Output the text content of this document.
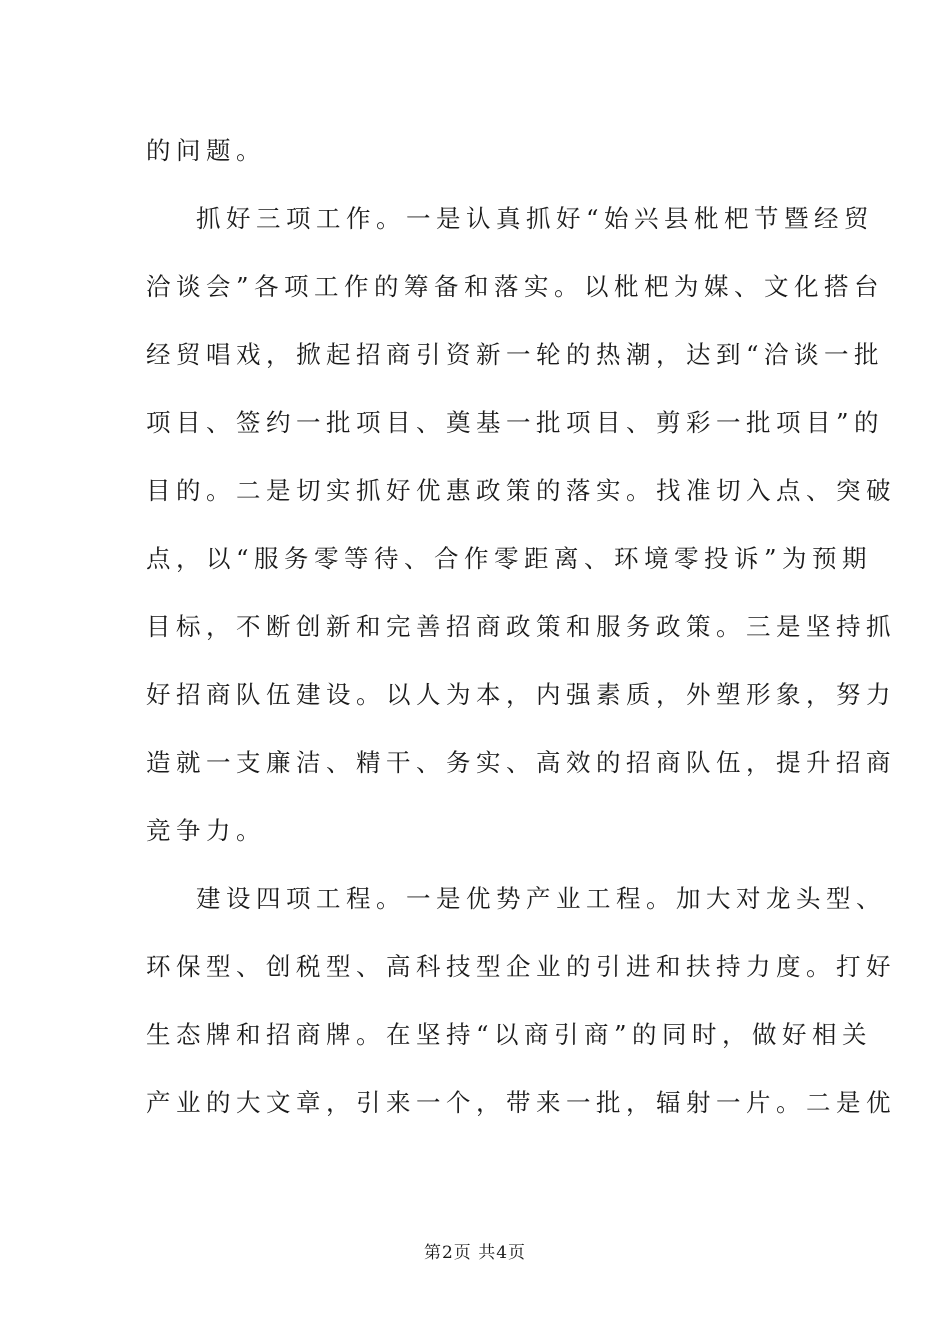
的问题。
抓好三项工作。一是认真抓好“始兴县枇杷节暨经贸
洽谈会”各项工作的筹备和落实。以枇杷为媒、文化搭台
经贸唱戏，掀起招商引资新一轮的热潮，达到“洽谈一批
项目、签约一批项目、奠基一批项目、剪彩一批项目”的
目的。二是切实抓好优惠政策的落实。找准切入点、突破
点，以“服务零等待、合作零距离、环境零投诉”为预期
目标，不断创新和完善招商政策和服务政策。三是坚持抓
好招商队伍建设。以人为本，内强素质，外塑形象，努力
造就一支廉洁、精干、务实、高效的招商队伍，提升招商
竞争力。
建设四项工程。一是优势产业工程。加大对龙头型、
环保型、创税型、高科技型企业的引进和扶持力度。打好
生态牌和招商牌。在坚持“以商引商”的同时，做好相关
产业的大文章，引来一个，带来一批，辐射一片。二是优
第2页 共4页
